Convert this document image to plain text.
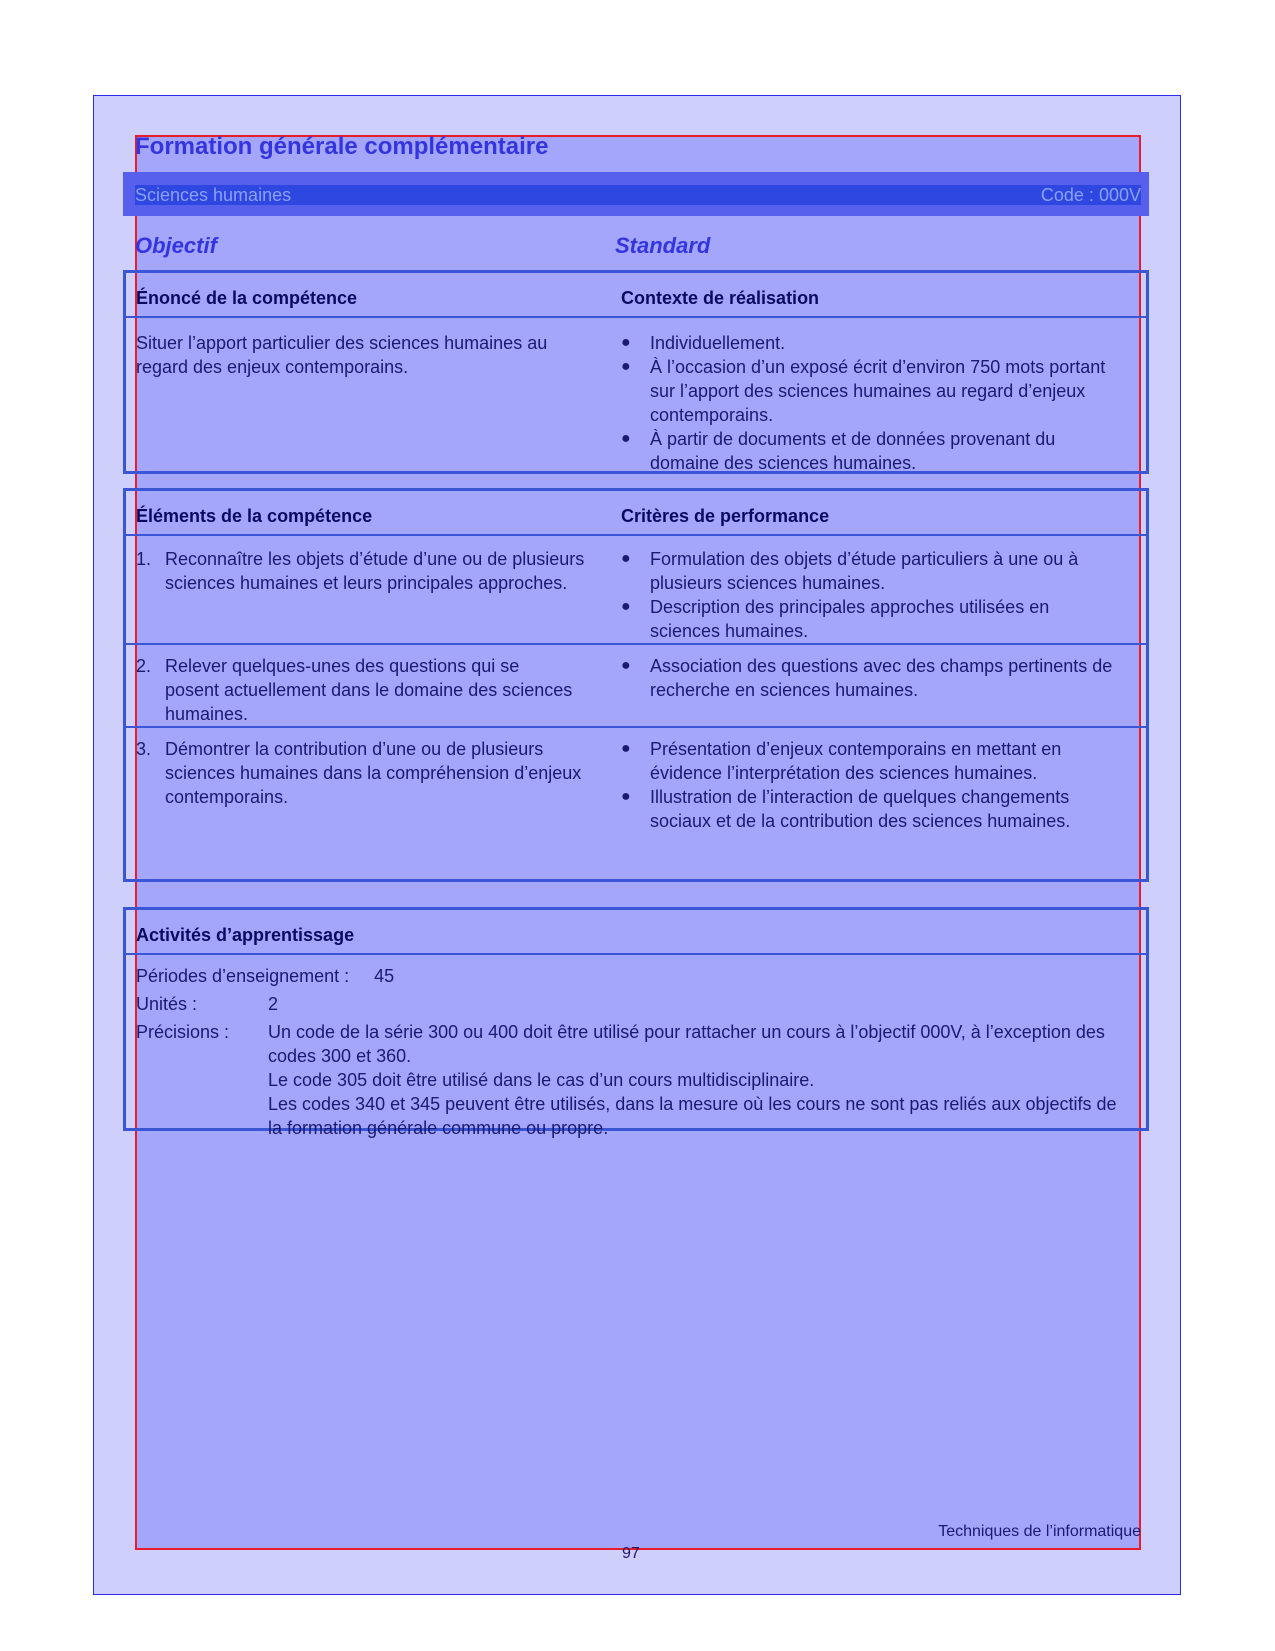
Formation générale complémentaire
Sciences humaines	Code : 000V
Objectif	Standard
Énoncé de la compétence	Contexte de réalisation
Situer l’apport particulier des sciences humaines au regard des enjeux contemporains.
●	Individuellement.
●	À l’occasion d’un exposé écrit d’environ 750 mots portant sur l’apport des sciences humaines au regard d’enjeux contemporains.
●	À partir de documents et de données provenant du domaine des sciences humaines.
Éléments de la compétence	Critères de performance
1. Reconnaître les objets d’étude d’une ou de plusieurs sciences humaines et leurs principales approches.
●	Formulation des objets d’étude particuliers à une ou à plusieurs sciences humaines.
●	Description des principales approches utilisées en sciences humaines.
2. Relever quelques-unes des questions qui se posent actuellement dans le domaine des sciences humaines.
●	Association des questions avec des champs pertinents de recherche en sciences humaines.
3. Démontrer la contribution d’une ou de plusieurs sciences humaines dans la compréhension d’enjeux contemporains.
●	Présentation d’enjeux contemporains en mettant en évidence l’interprétation des sciences humaines.
●	Illustration de l’interaction de quelques changements sociaux et de la contribution des sciences humaines.
Activités d’apprentissage
Périodes d’enseignement : 45
Unités :	2
Précisions :	Un code de la série 300 ou 400 doit être utilisé pour rattacher un cours à l’objectif 000V, à l’exception des codes 300 et 360.
Le code 305 doit être utilisé dans le cas d’un cours multidisciplinaire.
Les codes 340 et 345 peuvent être utilisés, dans la mesure où les cours ne sont pas reliés aux objectifs de la formation générale commune ou propre.
Techniques de l’informatique
97
